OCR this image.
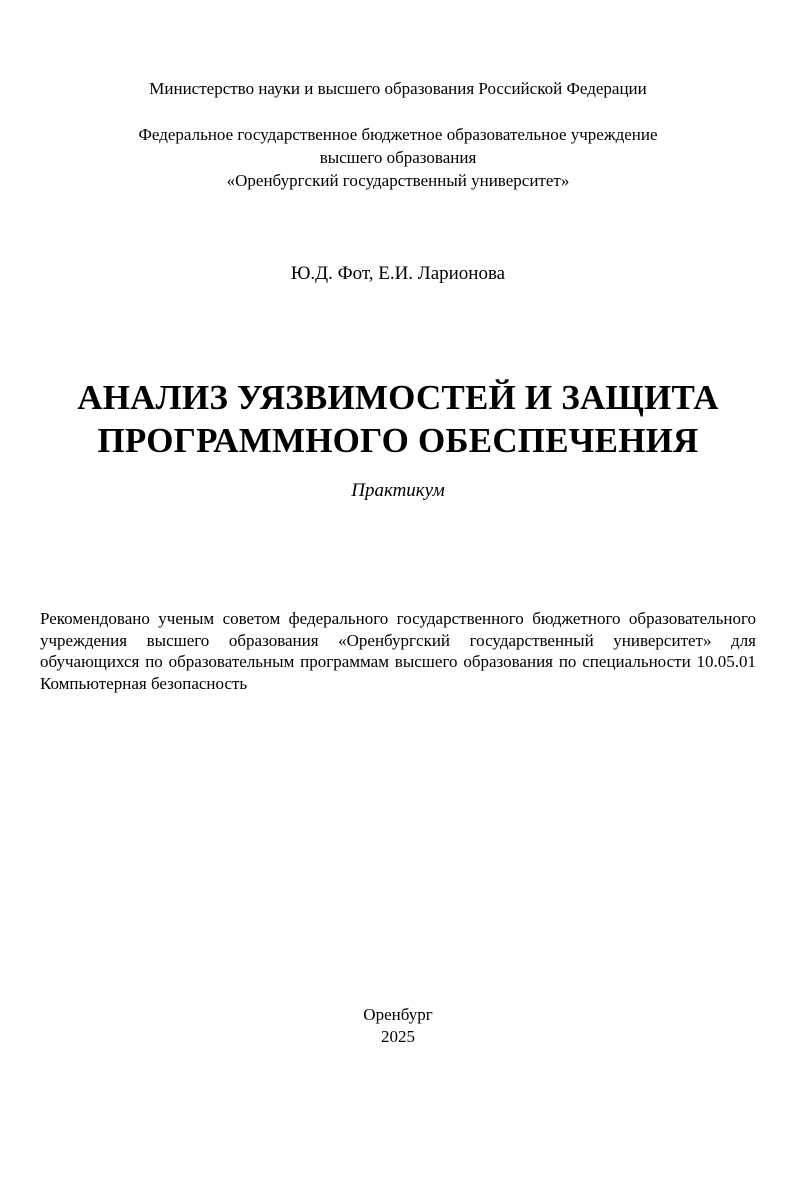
Министерство науки и высшего образования Российской Федерации
Федеральное государственное бюджетное образовательное учреждение
высшего образования
«Оренбургский государственный университет»
Ю.Д. Фот, Е.И. Ларионова
АНАЛИЗ УЯЗВИМОСТЕЙ И ЗАЩИТА
ПРОГРАММНОГО ОБЕСПЕЧЕНИЯ
Практикум
Рекомендовано ученым советом федерального государственного бюджетного образовательного учреждения высшего образования «Оренбургский государственный университет» для обучающихся по образовательным программам высшего образования по специальности 10.05.01 Компьютерная безопасность
Оренбург
2025
